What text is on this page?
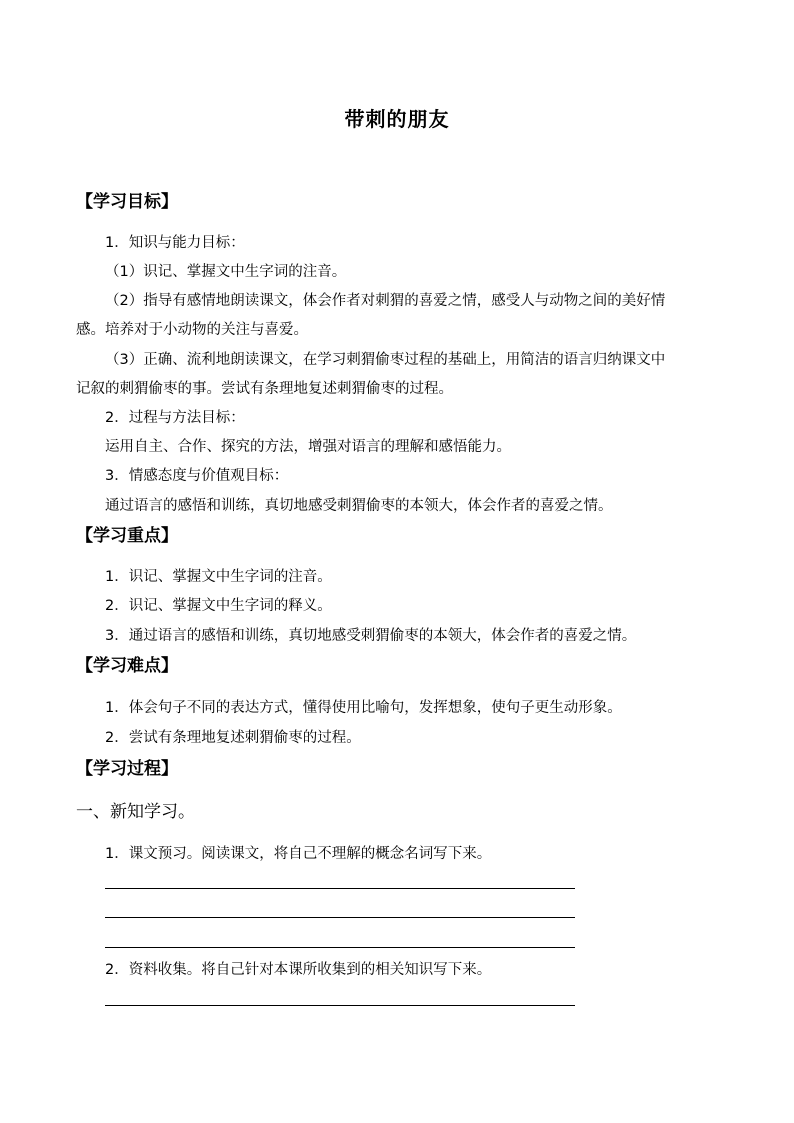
带刺的朋友
【学习目标】
1．知识与能力目标：
（1）识记、掌握文中生字词的注音。
（2）指导有感情地朗读课文，体会作者对刺猬的喜爱之情，感受人与动物之间的美好情
感。培养对于小动物的关注与喜爱。
（3）正确、流利地朗读课文，在学习刺猬偷枣过程的基础上，用简洁的语言归纳课文中
记叙的刺猬偷枣的事。尝试有条理地复述刺猬偷枣的过程。
2．过程与方法目标：
运用自主、合作、探究的方法，增强对语言的理解和感悟能力。
3．情感态度与价值观目标：
通过语言的感悟和训练，真切地感受刺猬偷枣的本领大，体会作者的喜爱之情。
【学习重点】
1．识记、掌握文中生字词的注音。
2．识记、掌握文中生字词的释义。
3．通过语言的感悟和训练，真切地感受刺猬偷枣的本领大，体会作者的喜爱之情。
【学习难点】
1．体会句子不同的表达方式，懂得使用比喻句，发挥想象，使句子更生动形象。
2．尝试有条理地复述刺猬偷枣的过程。
【学习过程】
一、新知学习。
1．课文预习。阅读课文，将自己不理解的概念名词写下来。
2．资料收集。将自己针对本课所收集到的相关知识写下来。
